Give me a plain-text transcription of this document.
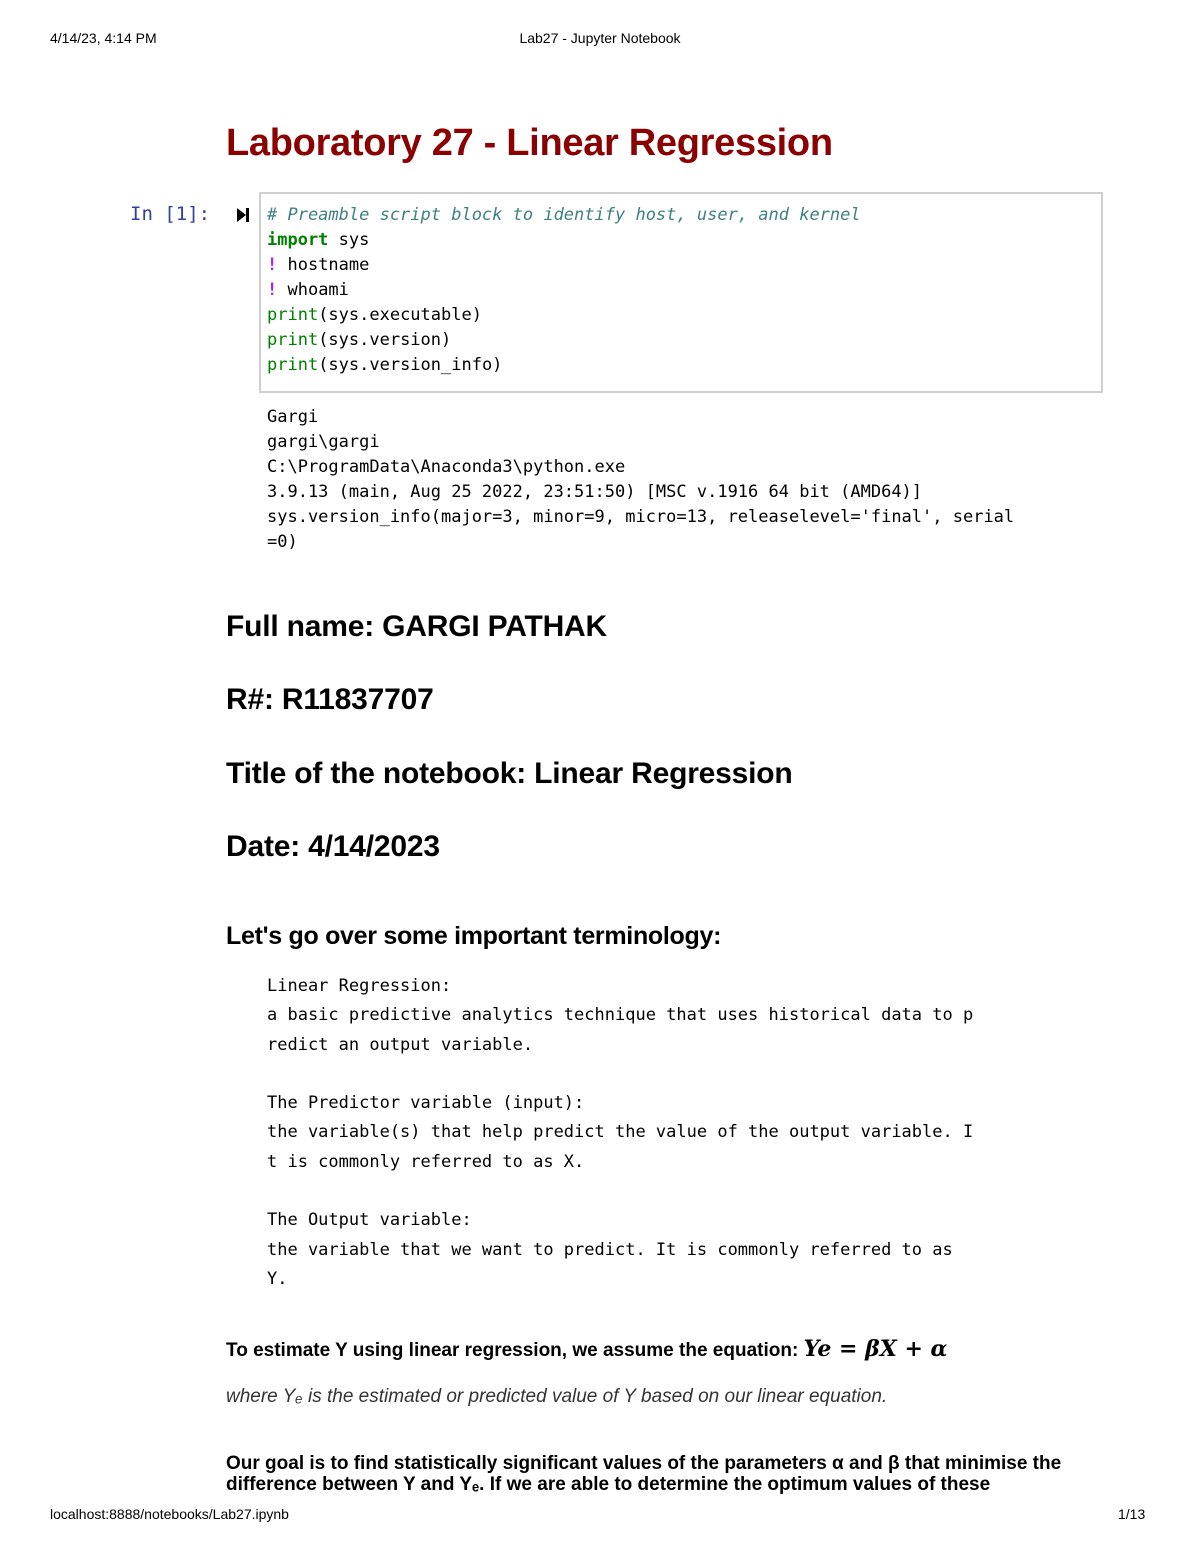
4/14/23, 4:14 PM	Lab27 - Jupyter Notebook
Laboratory 27 - Linear Regression
In [1]:	# Preamble script block to identify host, user, and kernel
import sys
! hostname
! whoami
print(sys.executable)
print(sys.version)
print(sys.version_info)
Gargi
gargi\gargi
C:\ProgramData\Anaconda3\python.exe
3.9.13 (main, Aug 25 2022, 23:51:50) [MSC v.1916 64 bit (AMD64)]
sys.version_info(major=3, minor=9, micro=13, releaselevel='final', serial
=0)
Full name: GARGI PATHAK
R#: R11837707
Title of the notebook: Linear Regression
Date: 4/14/2023
Let's go over some important terminology:
Linear Regression:
a basic predictive analytics technique that uses historical data to p
redict an output variable.

The Predictor variable (input):
the variable(s) that help predict the value of the output variable. I
t is commonly referred to as X.

The Output variable:
the variable that we want to predict. It is commonly referred to as
Y.
To estimate Y using linear regression, we assume the equation: Ye = βX + α
where Yₑ is the estimated or predicted value of Y based on our linear equation.
Our goal is to find statistically significant values of the parameters α and β that minimise the difference between Y and Yₑ. If we are able to determine the optimum values of these
localhost:8888/notebooks/Lab27.ipynb	1/13
